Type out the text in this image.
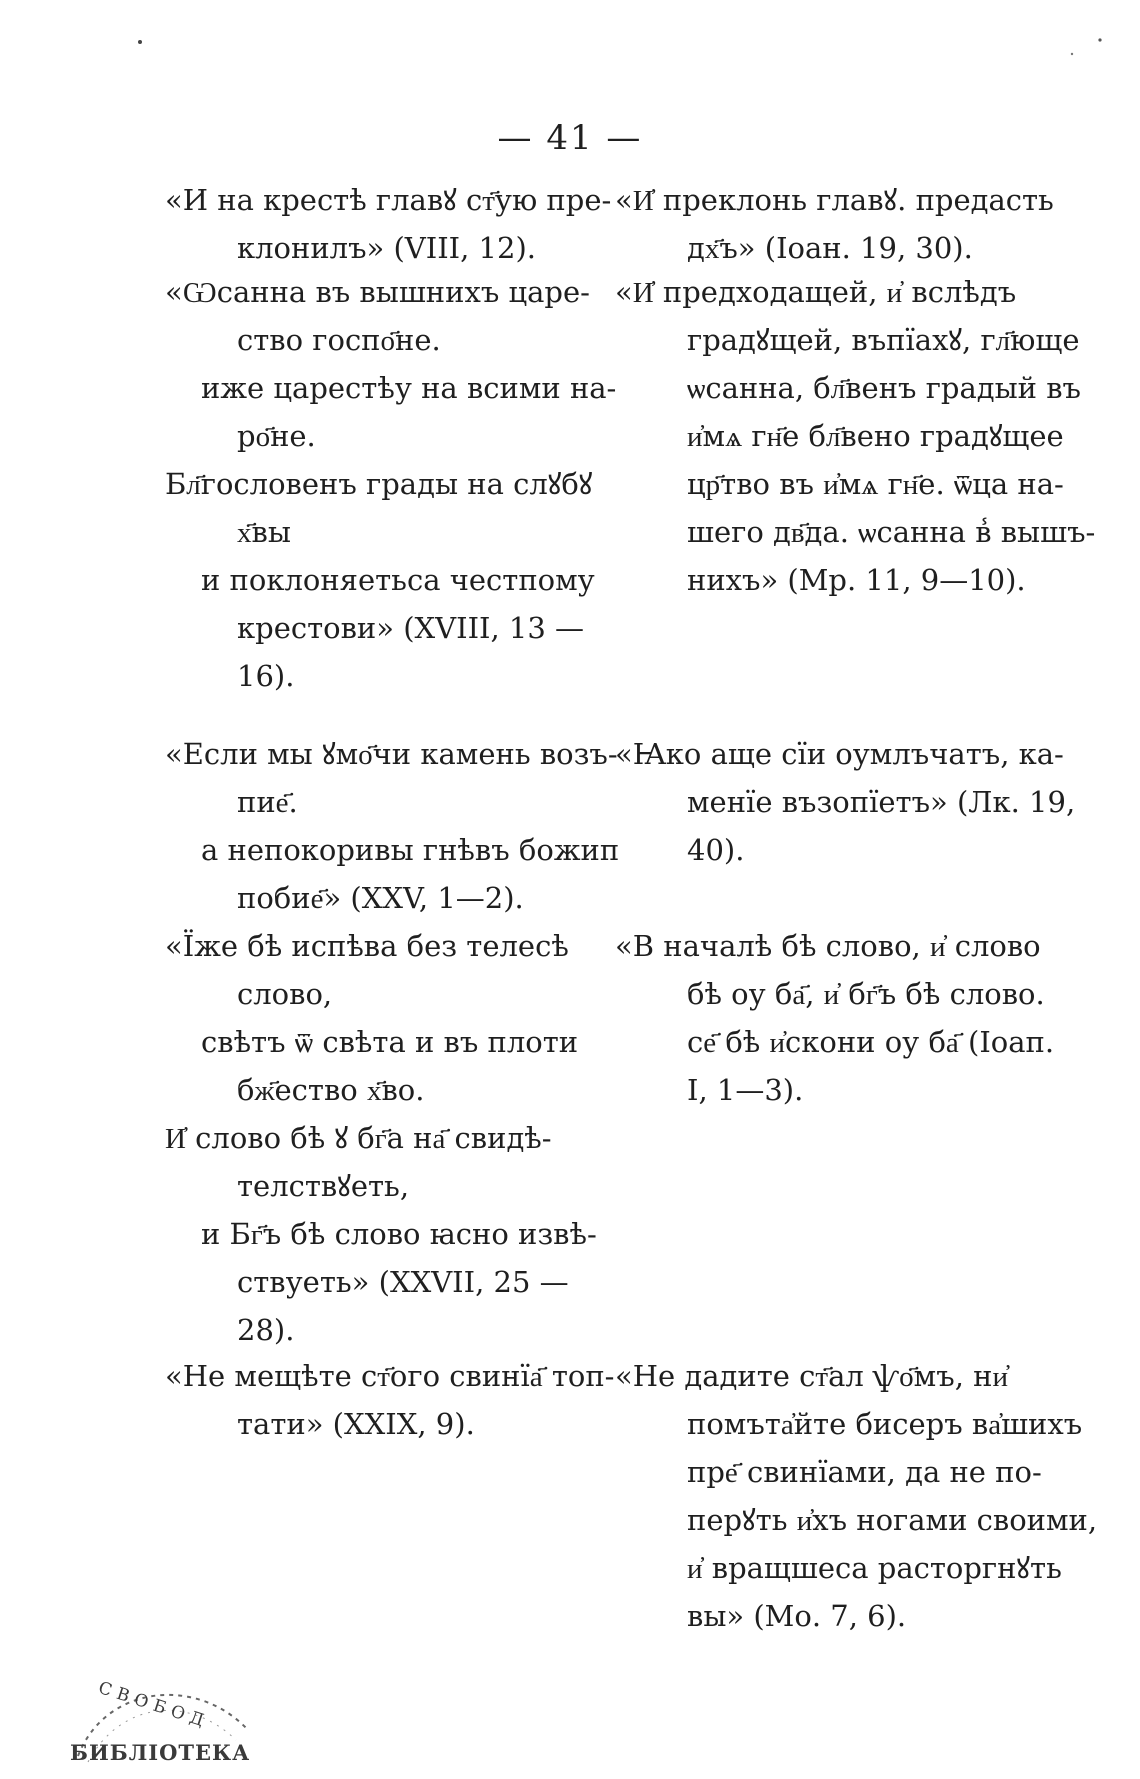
— 41 —
«И на крестѣ главꙋ ст҃ую пре-
клонилъ» (VIII, 12).
«Ѡсанна въ вышнихъ царе-
ство госпо҃не.
иже царестѣу на всими на-
ро҃не.
Бл҃гословенъ грады на слꙋбꙋ
х҃вы
и поклоняетьса честпому
крестови» (XVIII, 13 —
16).
«Если мы ꙋмо҃чи камень возъ-
пие҃.
а непокоривы гнѣвъ божип
побие҃» (XXV, 1—2).
«Їже бѣ испѣва без телесѣ
слово,
свѣтъ ѿ свѣта и въ плоти
бж҃ество х҃во.
И҆ слово бѣ ꙋ бг҃а на҃ свидѣ-
телствꙋеть,
и Бг҃ъ бѣ слово ꙗсно извѣ-
ствуеть» (XXVII, 25 —
28).
«Не мещѣте ст҃ого свинїа҃ топ-
тати» (XXIX, 9).
«И҆ преклонь главꙋ. предасть
дх҃ъ» (Іоан. 19, 30).
«И҆ предходащей, и҆ вслѣдъ
градꙋщей, въпїахꙋ, гл҃юще
ѡсанна, бл҃венъ градый въ
и҆мѧ гн҃е бл҃вено градꙋщее
цр҃тво въ и҆мѧ гн҃е. ѿца на-
шего дв҃да. ѡсанна в̾ вышъ-
нихъ» (Мр. 11, 9—10).
«Ꙗко аще сїи оумлъчатъ, ка-
менїе възопїетъ» (Лк. 19,
40).
«В началѣ бѣ слово, и҆ слово
бѣ оу ба҃, и҆ бг҃ъ бѣ слово.
се҃ бѣ и҆скони оу ба҃ (Іоап.
І, 1—3).
«Не дадите ст҃ал ѱо҃мъ, ни҆
помъта҆йте бисеръ ва҆шихъ
пре҃ свинїами, да не по-
перꙋть и҆хъ ногами своими,
и҆ вращшеса расторгнꙋть
вы» (Мо. 7, 6).
СВОБОД
БИБЛІОТЕКА
